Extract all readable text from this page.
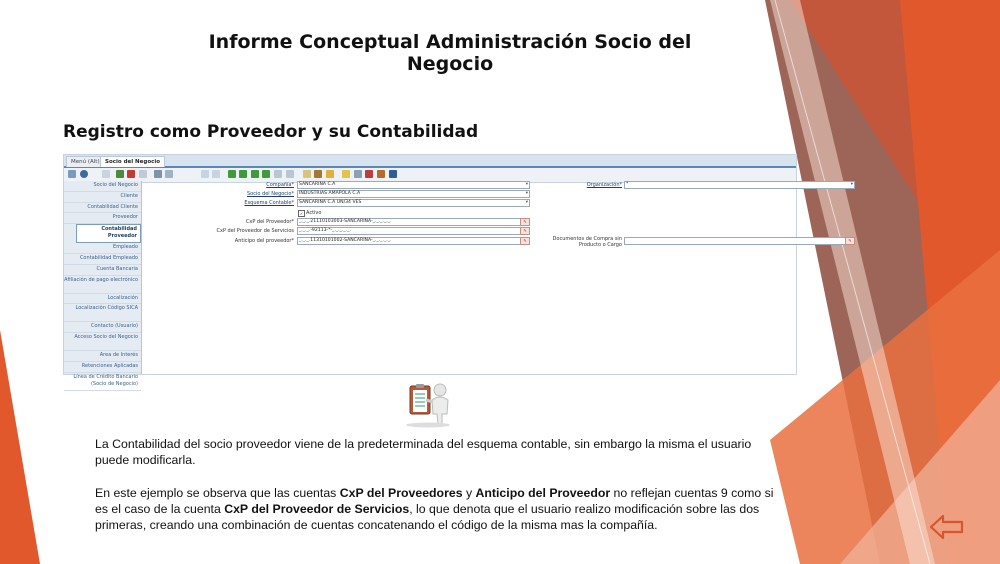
Informe Conceptual Administración Socio del Negocio
Registro como Proveedor y su Contabilidad
Menú (Alt) Socio del Negocio
Socio del Negocio
Cliente
Contabilidad Cliente
Proveedor
Contabilidad Proveedor
Empleado
Contabilidad Empleado
Cuenta Bancaria
Afiliación de pago electrónico
Localización
Localización Código SICA
Contacto (Usuario)
Acceso Socio del Negocio
Area de Interés
Retenciones Aplicadas
Línea de Crédito Bancario (Socio de Negocio)
Compañía*	SANCARINA C.A	▾	Organización* *	▾
Socio del Negocio*	INDUSTRIAS AMAPOLA C.A	▾
Esquema Contable*	SANCARINA C.A UN/34 VES	▾
✓ Activo
CxP del Proveedor*	_._._.21110103003-SANCARINA-_._._._._.	✎
CxP del Proveedor de Servicios	_._._.-92113-*-_._._._._.	✎
Anticipo del proveedor*	_._._.11310101002-SANCARINA-_._._._._.	✎	Documentos de Compra sin Producto o Cargo
✎
La Contabilidad del socio proveedor viene de la predeterminada del esquema contable, sin embargo la misma el usuario puede modificarla.
En este ejemplo se observa que las cuentas CxP del Proveedores y Anticipo del Proveedor no reflejan cuentas 9 como si es el caso de la cuenta CxP del Proveedor de Servicios, lo que denota que el usuario realizo modificación sobre las dos primeras, creando una combinación de cuentas concatenando el código de la misma mas la compañía.
